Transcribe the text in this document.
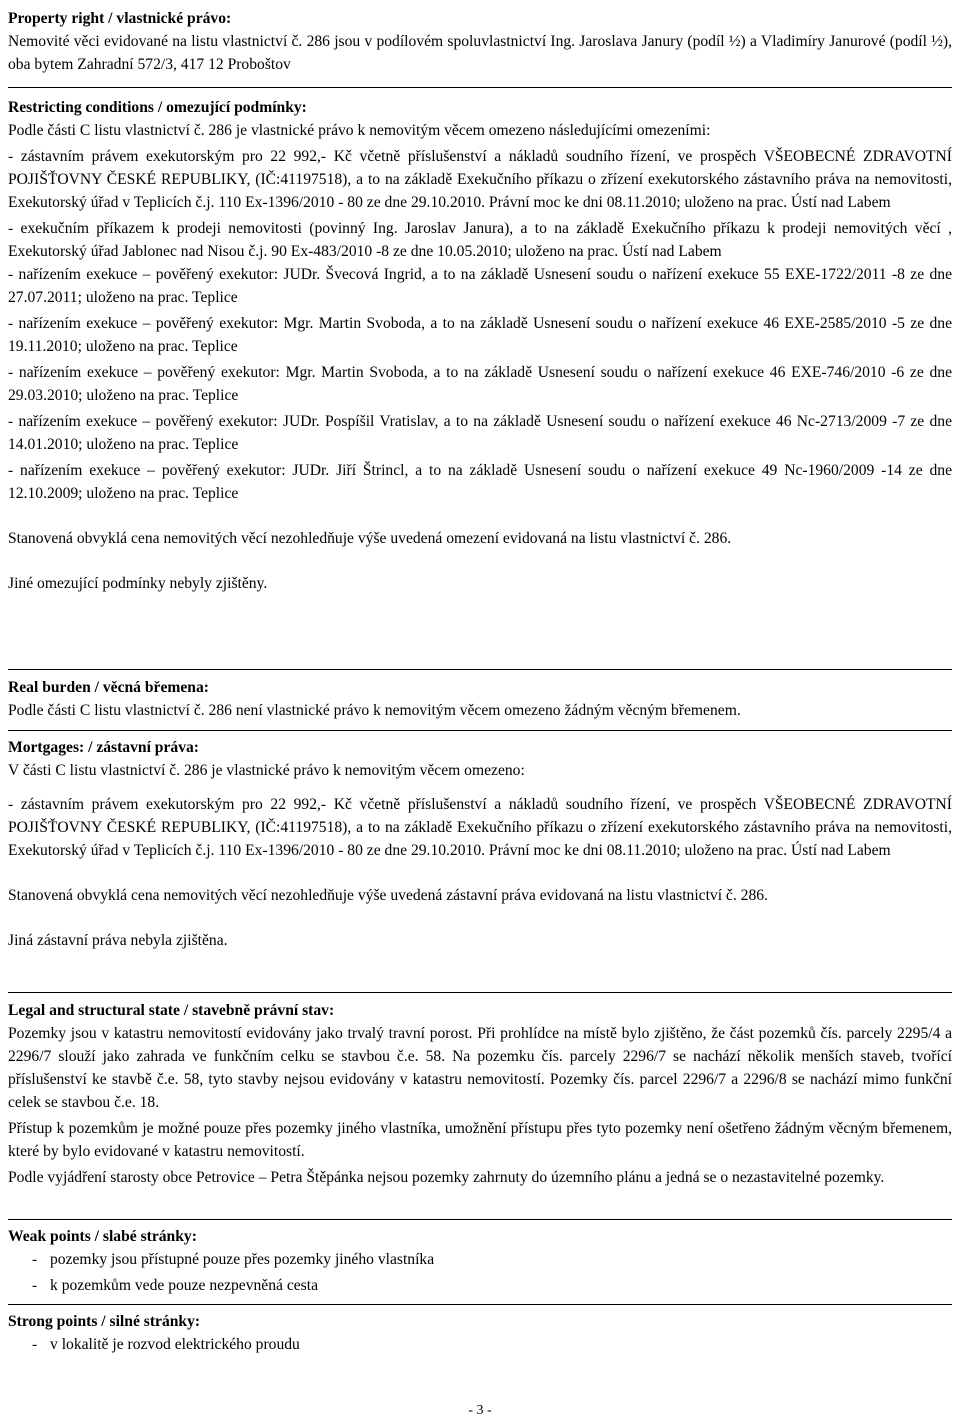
Property right / vlastnické právo:
Nemovité věci evidované na listu vlastnictví č. 286 jsou v podílovém spoluvlastnictví Ing. Jaroslava Janury (podíl ½) a Vladimíry Janurové (podíl ½), oba bytem Zahradní 572/3, 417 12 Proboštov
Restricting conditions / omezující podmínky:
Podle části C listu vlastnictví č. 286 je vlastnické právo k nemovitým věcem omezeno následujícími omezeními:
- zástavním právem exekutorským pro 22 992,- Kč včetně příslušenství a nákladů soudního řízení, ve prospěch VŠEOBECNÉ ZDRAVOTNÍ POJIŠŤOVNY ČESKÉ REPUBLIKY, (IČ:41197518), a to na základě Exekučního příkazu o zřízení exekutorského zástavního práva na nemovitosti, Exekutorský úřad v Teplicích č.j. 110 Ex-1396/2010 - 80 ze dne 29.10.2010. Právní moc ke dni 08.11.2010; uloženo na prac. Ústí nad Labem
- exekučním příkazem k prodeji nemovitosti (povinný Ing. Jaroslav Janura), a to na základě Exekučního příkazu k prodeji nemovitých věcí , Exekutorský úřad Jablonec nad Nisou č.j. 90 Ex-483/2010 -8 ze dne 10.05.2010; uloženo na prac. Ústí nad Labem
- nařízením exekuce – pověřený exekutor: JUDr. Švecová Ingrid, a to na základě Usnesení soudu o nařízení exekuce 55 EXE-1722/2011 -8 ze dne 27.07.2011; uloženo na prac. Teplice
- nařízením exekuce – pověřený exekutor: Mgr. Martin Svoboda, a to na základě Usnesení soudu o nařízení exekuce 46 EXE-2585/2010 -5 ze dne 19.11.2010; uloženo na prac. Teplice
- nařízením exekuce – pověřený exekutor: Mgr. Martin Svoboda, a to na základě Usnesení soudu o nařízení exekuce 46 EXE-746/2010 -6 ze dne 29.03.2010; uloženo na prac. Teplice
- nařízením exekuce – pověřený exekutor: JUDr. Pospíšil Vratislav, a to na základě Usnesení soudu o nařízení exekuce 46 Nc-2713/2009 -7 ze dne 14.01.2010; uloženo na prac. Teplice
- nařízením exekuce – pověřený exekutor: JUDr. Jiří Štrincl, a to na základě Usnesení soudu o nařízení exekuce 49 Nc-1960/2009 -14 ze dne 12.10.2009; uloženo na prac. Teplice
Stanovená obvyklá cena nemovitých věcí nezohledňuje výše uvedená omezení evidovaná na listu vlastnictví č. 286.
Jiné omezující podmínky nebyly zjištěny.
Real burden / věcná břemena:
Podle části C listu vlastnictví č. 286 není vlastnické právo k nemovitým věcem omezeno žádným věcným břemenem.
Mortgages: / zástavní práva:
V části C listu vlastnictví č. 286 je vlastnické právo k nemovitým věcem omezeno:
- zástavním právem exekutorským pro 22 992,- Kč včetně příslušenství a nákladů soudního řízení, ve prospěch VŠEOBECNÉ ZDRAVOTNÍ POJIŠŤOVNY ČESKÉ REPUBLIKY, (IČ:41197518), a to na základě Exekučního příkazu o zřízení exekutorského zástavního práva na nemovitosti, Exekutorský úřad v Teplicích č.j. 110 Ex-1396/2010 - 80 ze dne 29.10.2010. Právní moc ke dni 08.11.2010; uloženo na prac. Ústí nad Labem
Stanovená obvyklá cena nemovitých věcí nezohledňuje výše uvedená zástavní práva evidovaná na listu vlastnictví č. 286.
Jiná zástavní práva nebyla zjištěna.
Legal and structural state / stavebně právní stav:
Pozemky jsou v katastru nemovitostí evidovány jako trvalý travní porost. Při prohlídce na místě bylo zjištěno, že část pozemků čís. parcely 2295/4 a 2296/7 slouží jako zahrada ve funkčním celku se stavbou č.e. 58. Na pozemku čís. parcely 2296/7 se nachází několik menších staveb, tvořící příslušenství ke stavbě č.e. 58, tyto stavby nejsou evidovány v katastru nemovitostí. Pozemky čís. parcel 2296/7 a 2296/8 se nachází mimo funkční celek se stavbou č.e. 18.
Přístup k pozemkům je možné pouze přes pozemky jiného vlastníka, umožnění přístupu přes tyto pozemky není ošetřeno žádným věcným břemenem, které by bylo evidované v katastru nemovitostí.
Podle vyjádření starosty obce Petrovice – Petra Štěpánka nejsou pozemky zahrnuty do územního plánu a jedná se o nezastavitelné pozemky.
Weak points / slabé stránky:
- pozemky jsou přístupné pouze přes pozemky jiného vlastníka
- k pozemkům vede pouze nezpevněná cesta
Strong points / silné stránky:
- v lokalitě je rozvod elektrického proudu
- 3 -
